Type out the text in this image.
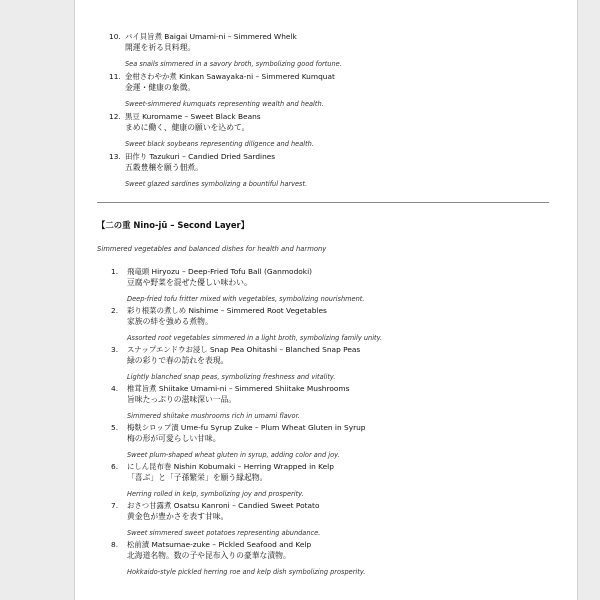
10. バイ貝旨煮 Baigai Umami-ni – Simmered Whelk
開運を祈る貝料理。
Sea snails simmered in a savory broth, symbolizing good fortune.
11. 金柑さわやか煮 Kinkan Sawayaka-ni – Simmered Kumquat
金運・健康の象徴。
Sweet-simmered kumquats representing wealth and health.
12. 黒豆 Kuromame – Sweet Black Beans
まめに働く、健康の願いを込めて。
Sweet black soybeans representing diligence and health.
13. 田作り Tazukuri – Candied Dried Sardines
五穀豊穣を願う佃煮。
Sweet glazed sardines symbolizing a bountiful harvest.
【二の重 Nino-jū – Second Layer】
Simmered vegetables and balanced dishes for health and harmony
1. 飛竜頭 Hiryozu – Deep-Fried Tofu Ball (Ganmodoki)
豆腐や野菜を混ぜた優しい味わい。
Deep-fried tofu fritter mixed with vegetables, symbolizing nourishment.
2. 彩り根菜の煮しめ Nishime – Simmered Root Vegetables
家族の絆を強める煮物。
Assorted root vegetables simmered in a light broth, symbolizing family unity.
3. スナップエンドウお浸し Snap Pea Ohitashi – Blanched Snap Peas
緑の彩りで春の訪れを表現。
Lightly blanched snap peas, symbolizing freshness and vitality.
4. 椎茸旨煮 Shiitake Umami-ni – Simmered Shiitake Mushrooms
旨味たっぷりの滋味深い一品。
Simmered shiitake mushrooms rich in umami flavor.
5. 梅麩シロップ漬 Ume-fu Syrup Zuke – Plum Wheat Gluten in Syrup
梅の形が可愛らしい甘味。
Sweet plum-shaped wheat gluten in syrup, adding color and joy.
6. にしん昆布巻 Nishin Kobumaki – Herring Wrapped in Kelp
「喜ぶ」と「子孫繁栄」を願う縁起物。
Herring rolled in kelp, symbolizing joy and prosperity.
7. おさつ甘露煮 Osatsu Kanroni – Candied Sweet Potato
黄金色が豊かさを表す甘味。
Sweet simmered sweet potatoes representing abundance.
8. 松前漬 Matsumae-zuke – Pickled Seafood and Kelp
北海道名物。数の子や昆布入りの豪華な漬物。
Hokkaido-style pickled herring roe and kelp dish symbolizing prosperity.
